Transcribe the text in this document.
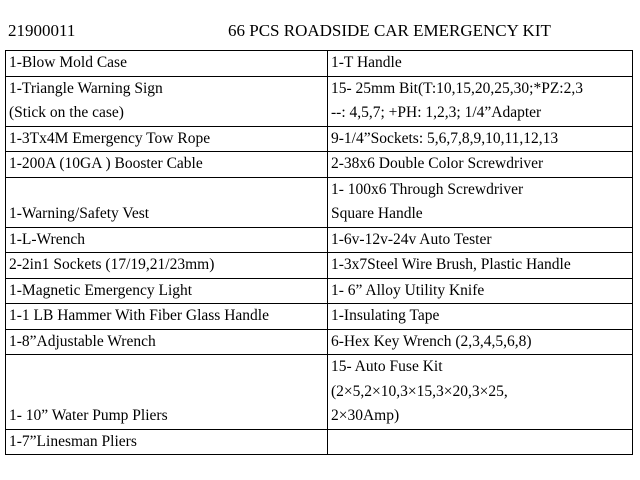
21900011	66 PCS ROADSIDE CAR EMERGENCY KIT
1-Blow Mold Case	1-T Handle

1-Triangle Warning Sign
(Stick on the case)	15- 25mm Bit(T:10,15,20,25,30;*PZ:2,3
--: 4,5,7; +PH: 1,2,3; 1/4”Adapter

1-3Tx4M Emergency Tow Rope	9-1/4”Sockets: 5,6,7,8,9,10,11,12,13

1-200A (10GA ) Booster Cable	2-38x6 Double Color Screwdriver

1-Warning/Safety Vest	1- 100x6 Through Screwdriver
Square Handle

1-L-Wrench	1-6v-12v-24v Auto Tester

2-2in1 Sockets (17/19,21/23mm)	1-3x7Steel Wire Brush, Plastic Handle

1-Magnetic Emergency Light	1- 6” Alloy Utility Knife

1-1 LB Hammer With Fiber Glass Handle	1-Insulating Tape

1-8”Adjustable Wrench	6-Hex Key Wrench (2,3,4,5,6,8)

1- 10” Water Pump Pliers	15- Auto Fuse Kit
(2×5,2×10,3×15,3×20,3×25,
2×30Amp)

1-7”Linesman Pliers	
